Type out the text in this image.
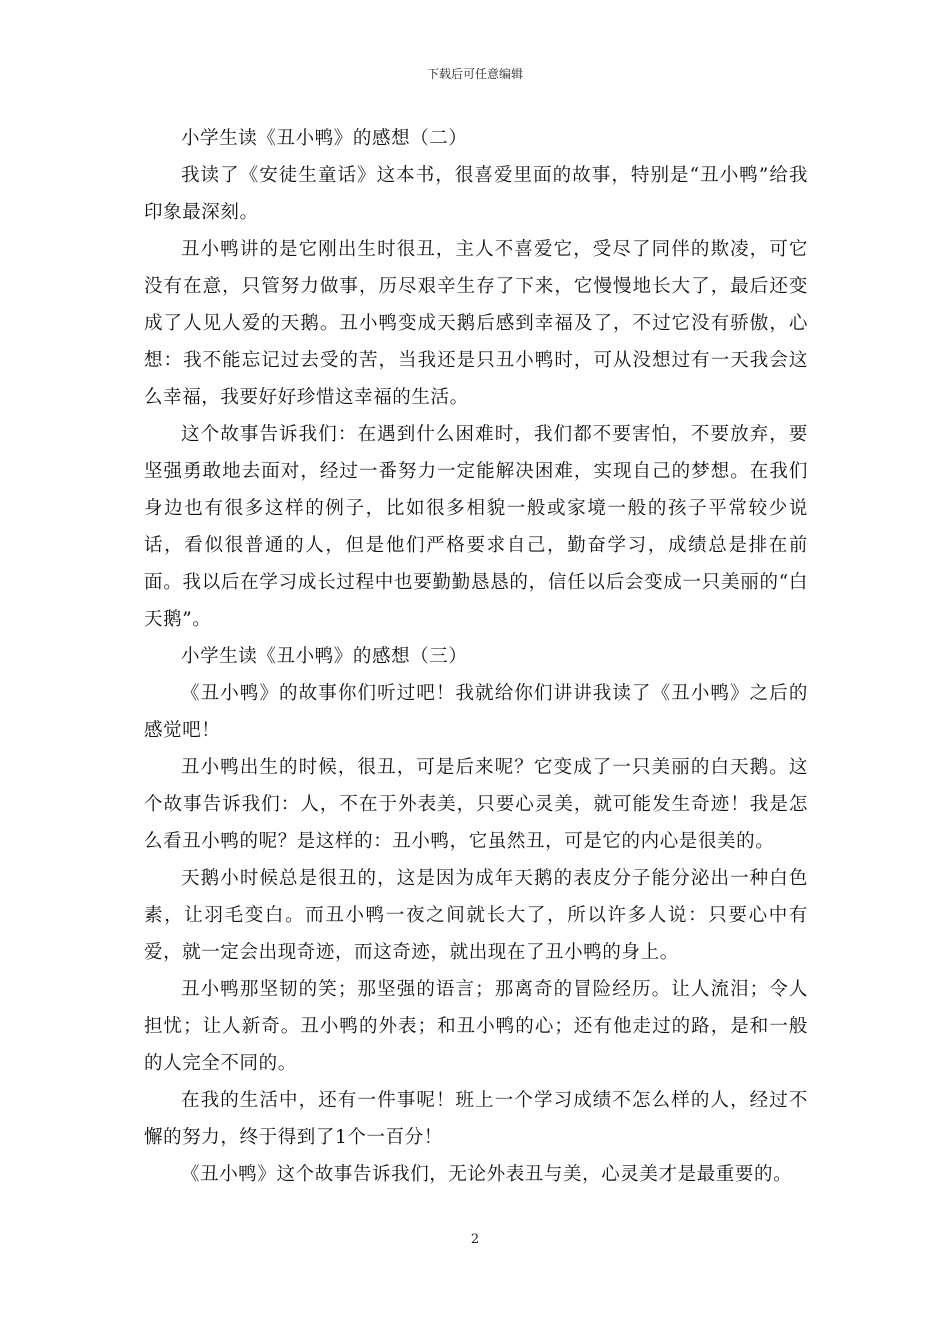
下载后可任意编辑

小学生读《丑小鸭》的感想（二）

我读了《安徒生童话》这本书，很喜爱里面的故事，特别是“丑小鸭”给我印象最深刻。

丑小鸭讲的是它刚出生时很丑，主人不喜爱它，受尽了同伴的欺凌，可它没有在意，只管努力做事，历尽艰辛生存了下来，它慢慢地长大了，最后还变成了人见人爱的天鹅。丑小鸭变成天鹅后感到幸福及了，不过它没有骄傲，心想：我不能忘记过去受的苦，当我还是只丑小鸭时，可从没想过有一天我会这么幸福，我要好好珍惜这幸福的生活。

这个故事告诉我们：在遇到什么困难时，我们都不要害怕，不要放弃，要坚强勇敢地去面对，经过一番努力一定能解决困难，实现自己的梦想。在我们身边也有很多这样的例子，比如很多相貌一般或家境一般的孩子平常较少说话，看似很普通的人，但是他们严格要求自己，勤奋学习，成绩总是排在前面。我以后在学习成长过程中也要勤勤恳恳的，信任以后会变成一只美丽的“白天鹅”。

小学生读《丑小鸭》的感想（三）

《丑小鸭》的故事你们听过吧！我就给你们讲讲我读了《丑小鸭》之后的感觉吧！

丑小鸭出生的时候，很丑，可是后来呢？它变成了一只美丽的白天鹅。这个故事告诉我们：人，不在于外表美，只要心灵美，就可能发生奇迹！我是怎么看丑小鸭的呢？是这样的：丑小鸭，它虽然丑，可是它的内心是很美的。

天鹅小时候总是很丑的，这是因为成年天鹅的表皮分子能分泌出一种白色素，让羽毛变白。而丑小鸭一夜之间就长大了，所以许多人说：只要心中有爱，就一定会出现奇迹，而这奇迹，就出现在了丑小鸭的身上。

丑小鸭那坚韧的笑；那坚强的语言；那离奇的冒险经历。让人流泪；令人担忧；让人新奇。丑小鸭的外表；和丑小鸭的心；还有他走过的路，是和一般的人完全不同的。

在我的生活中，还有一件事呢！班上一个学习成绩不怎么样的人，经过不懈的努力，终于得到了1个一百分！

《丑小鸭》这个故事告诉我们，无论外表丑与美，心灵美才是最重要的。

2
